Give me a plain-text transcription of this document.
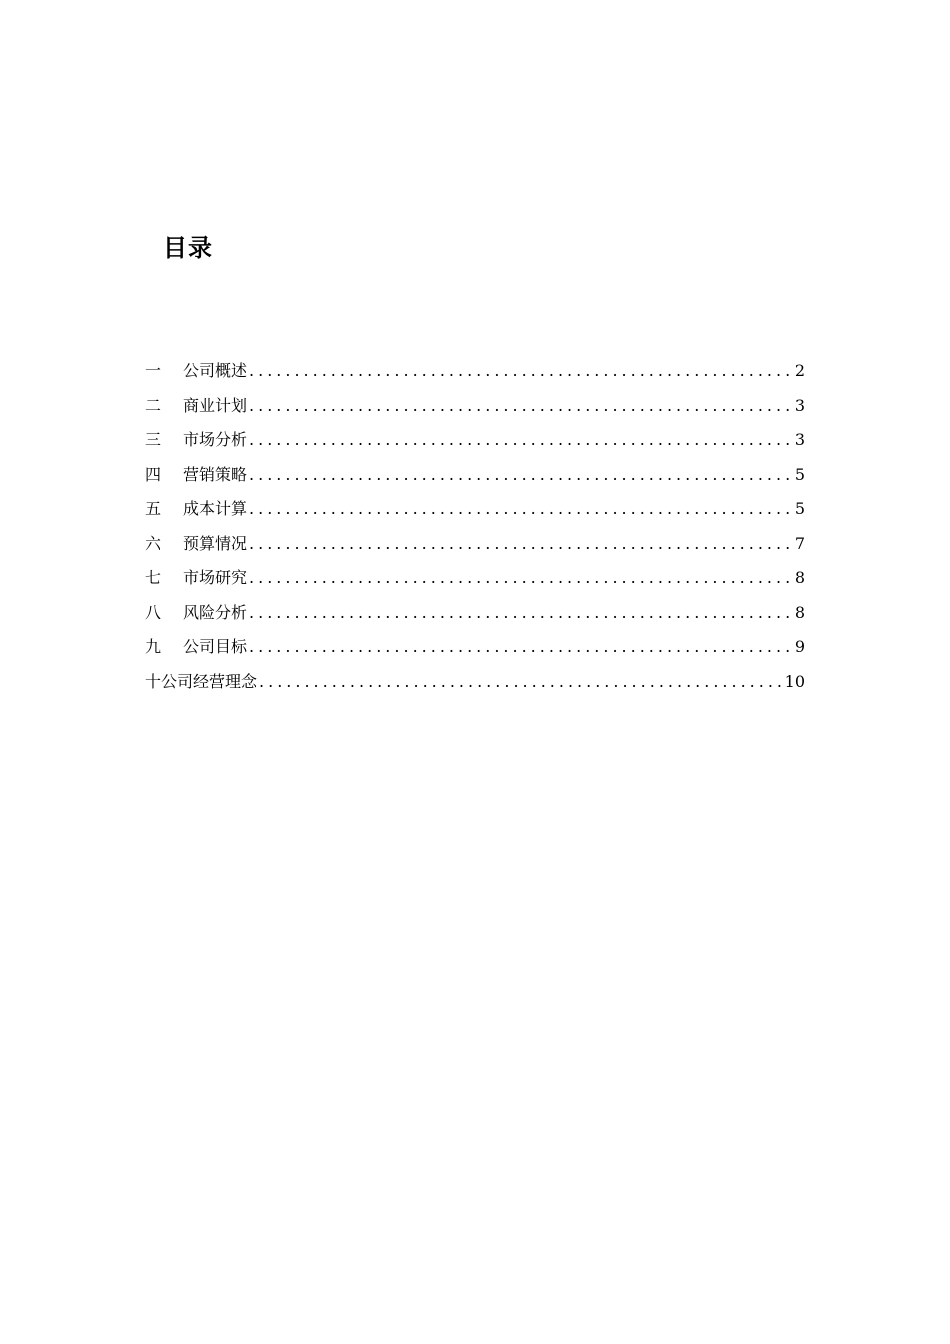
目录
一	公司概述 .....	2
二	商业计划 .....	3
三	市场分析 .....	3
四	营销策略 .....	5
五	成本计算 .....	5
六	预算情况 .....	7
七	市场研究 .....	8
八	风险分析 .....	8
九	公司目标 .....	9
十 公司经营理念 .....	10
